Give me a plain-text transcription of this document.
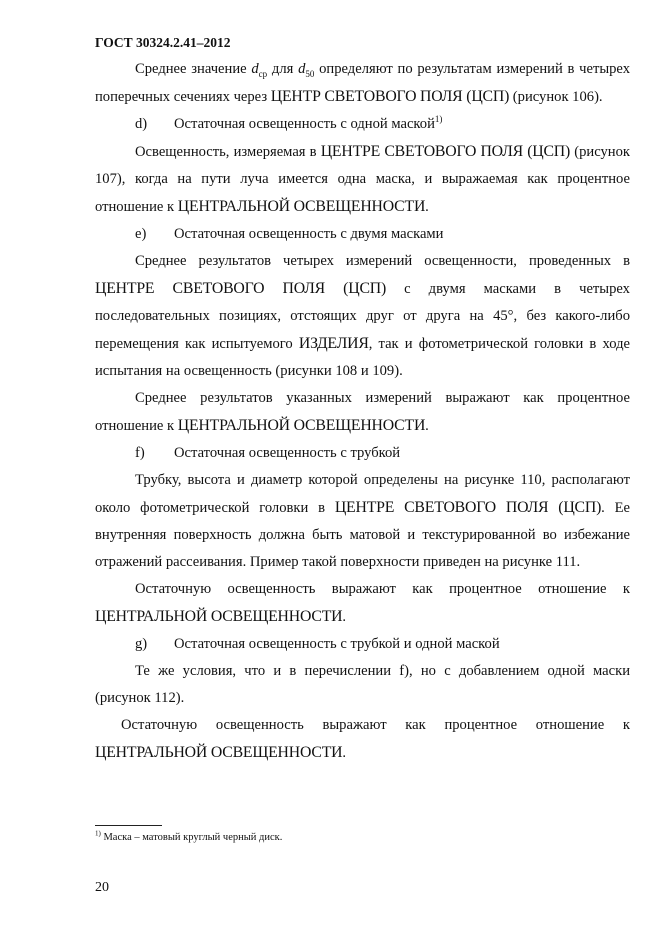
ГОСТ 30324.2.41–2012

Среднее значение $d_{ср}$ для $d_{50}$ определяют по результатам измерений в четырех поперечных сечениях через ЦЕНТР СВЕТОВОГО ПОЛЯ (ЦСП) (рисунок 106).

d) Остаточная освещенность с одной маской$^{1)}$

Освещенность, измеряемая в ЦЕНТРЕ СВЕТОВОГО ПОЛЯ (ЦСП) (рисунок 107), когда на пути луча имеется одна маска, и выражаемая как процентное отношение к ЦЕНТРАЛЬНОЙ ОСВЕЩЕННОСТИ.

e) Остаточная освещенность с двумя масками

Среднее результатов четырех измерений освещенности, проведенных в ЦЕНТРЕ СВЕТОВОГО ПОЛЯ (ЦСП) с двумя масками в четырех последовательных позициях, отстоящих друг от друга на 45°, без какого-либо перемещения как испытуемого ИЗДЕЛИЯ, так и фотометрической головки в ходе испытания на освещенность (рисунки 108 и 109).

Среднее результатов указанных измерений выражают как процентное отношение к ЦЕНТРАЛЬНОЙ ОСВЕЩЕННОСТИ.

f) Остаточная освещенность с трубкой

Трубку, высота и диаметр которой определены на рисунке 110, располагают около фотометрической головки в ЦЕНТРЕ СВЕТОВОГО ПОЛЯ (ЦСП). Ее внутренняя поверхность должна быть матовой и текстурированной во избежание отражений рассеивания. Пример такой поверхности приведен на рисунке 111.

Остаточную освещенность выражают как процентное отношение к ЦЕНТРАЛЬНОЙ ОСВЕЩЕННОСТИ.

g) Остаточная освещенность с трубкой и одной маской

Те же условия, что и в перечислении f), но с добавлением одной маски (рисунок 112).

Остаточную освещенность выражают как процентное отношение к ЦЕНТРАЛЬНОЙ ОСВЕЩЕННОСТИ.

$^{1)}$ Маска – матовый круглый черный диск.
20
